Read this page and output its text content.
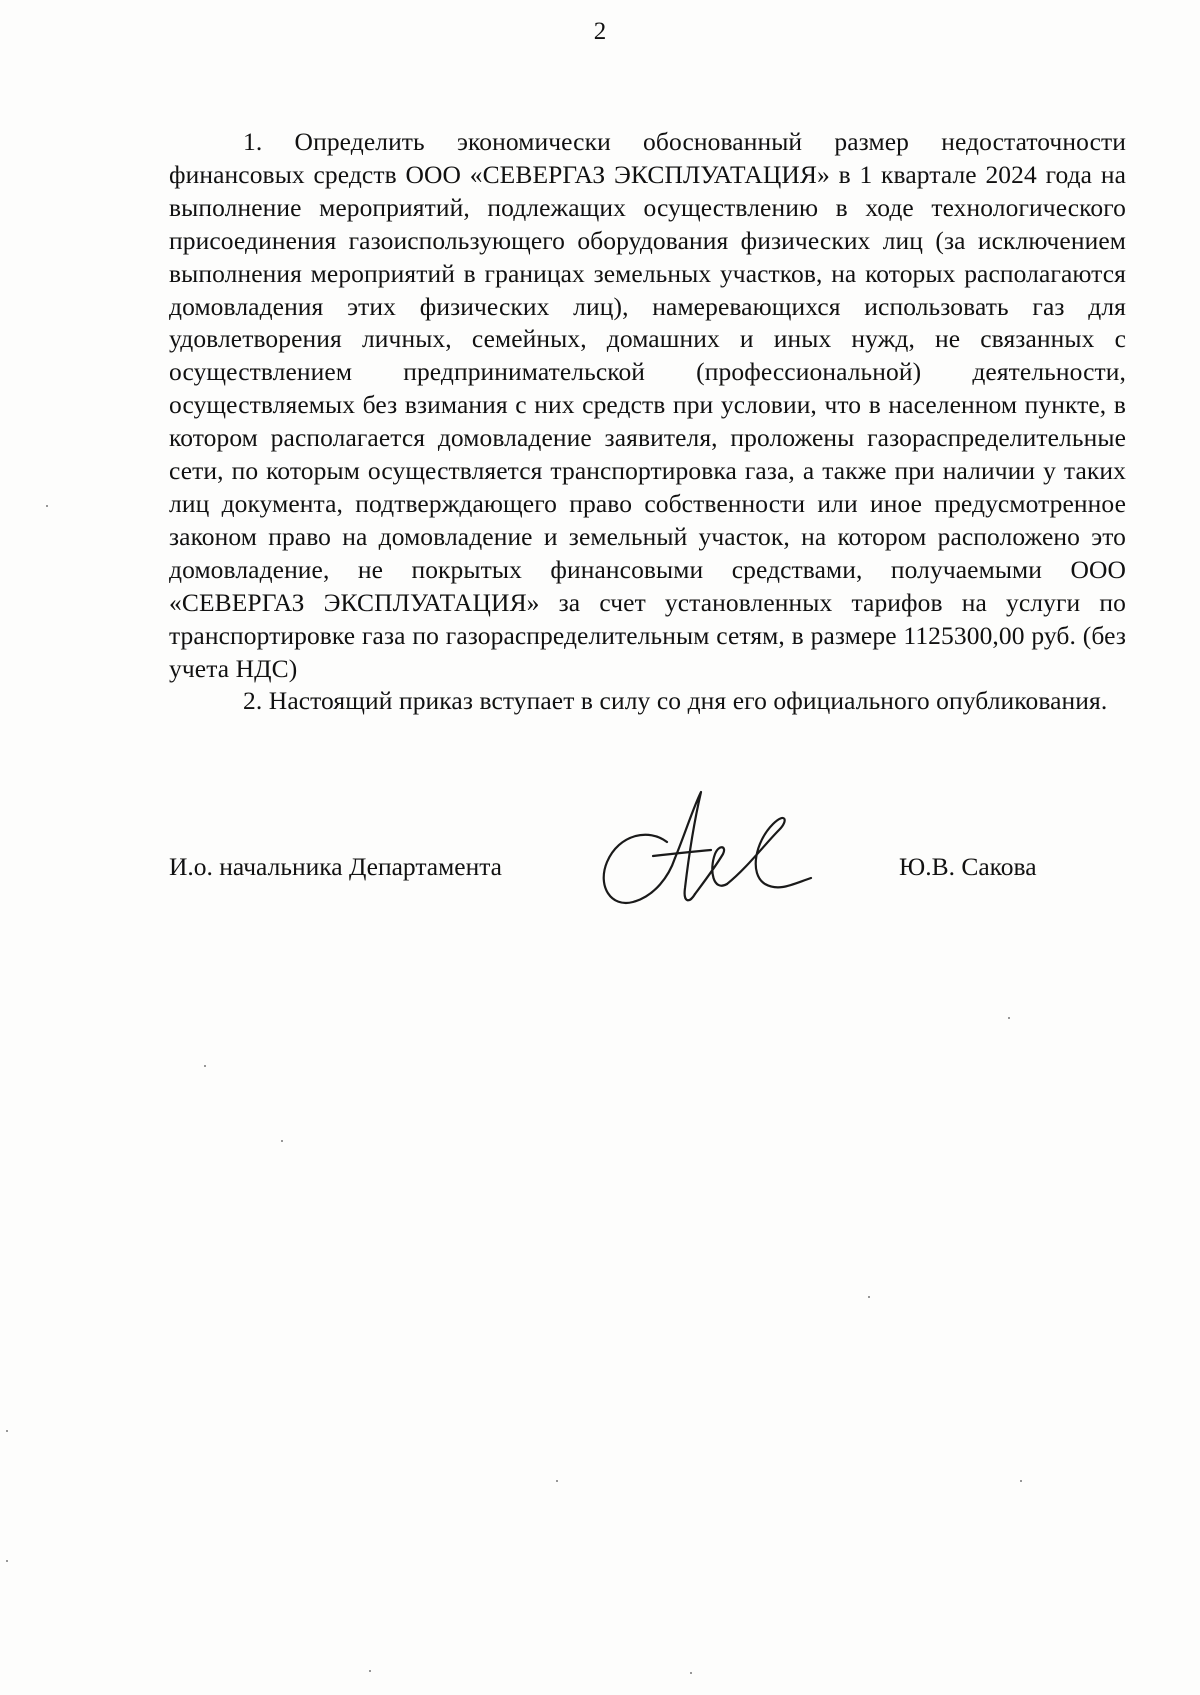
2

1. Определить экономически обоснованный размер недостаточности финансовых средств ООО «СЕВЕРГАЗ ЭКСПЛУАТАЦИЯ» в 1 квартале 2024 года на выполнение мероприятий, подлежащих осуществлению в ходе технологического присоединения газоиспользующего оборудования физических лиц (за исключением выполнения мероприятий в границах земельных участков, на которых располагаются домовладения этих физических лиц), намеревающихся использовать газ для удовлетворения личных, семейных, домашних и иных нужд, не связанных с осуществлением предпринимательской (профессиональной) деятельности, осуществляемых без взимания с них средств при условии, что в населенном пункте, в котором располагается домовладение заявителя, проложены газораспределительные сети, по которым осуществляется транспортировка газа, а также при наличии у таких лиц документа, подтверждающего право собственности или иное предусмотренное законом право на домовладение и земельный участок, на котором расположено это домовладение, не покрытых финансовыми средствами, получаемыми ООО «СЕВЕРГАЗ ЭКСПЛУАТАЦИЯ» за счет установленных тарифов на услуги по транспортировке газа по газораспределительным сетям, в размере 1125300,00 руб. (без учета НДС)

2. Настоящий приказ вступает в силу со дня его официального опубликования.

И.о. начальника Департамента	Ю.В. Сакова
